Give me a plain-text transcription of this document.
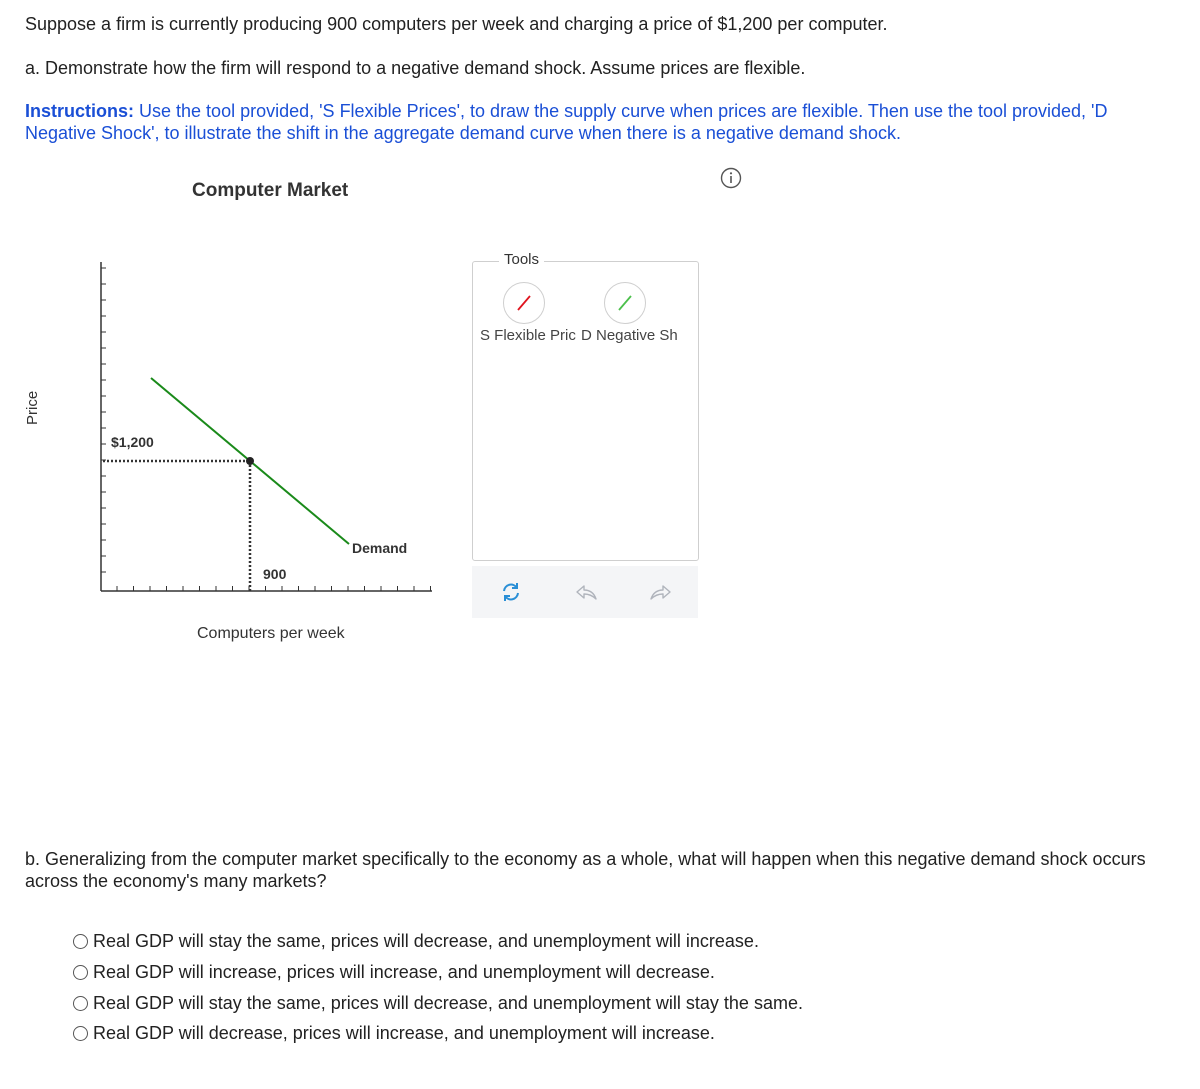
Suppose a firm is currently producing 900 computers per week and charging a price of $1,200 per computer.
a. Demonstrate how the firm will respond to a negative demand shock. Assume prices are flexible.
Instructions: Use the tool provided, 'S Flexible Prices', to draw the supply curve when prices are flexible. Then use the tool provided, 'D Negative Shock', to illustrate the shift in the aggregate demand curve when there is a negative demand shock.
Computer Market
Price
Computers per week
$1,200
900
Demand
Tools
S Flexible Pric D Negative Sh
b. Generalizing from the computer market specifically to the economy as a whole, what will happen when this negative demand shock occurs across the economy's many markets?
Real GDP will stay the same, prices will decrease, and unemployment will increase.
Real GDP will increase, prices will increase, and unemployment will decrease.
Real GDP will stay the same, prices will decrease, and unemployment will stay the same.
Real GDP will decrease, prices will increase, and unemployment will increase.
